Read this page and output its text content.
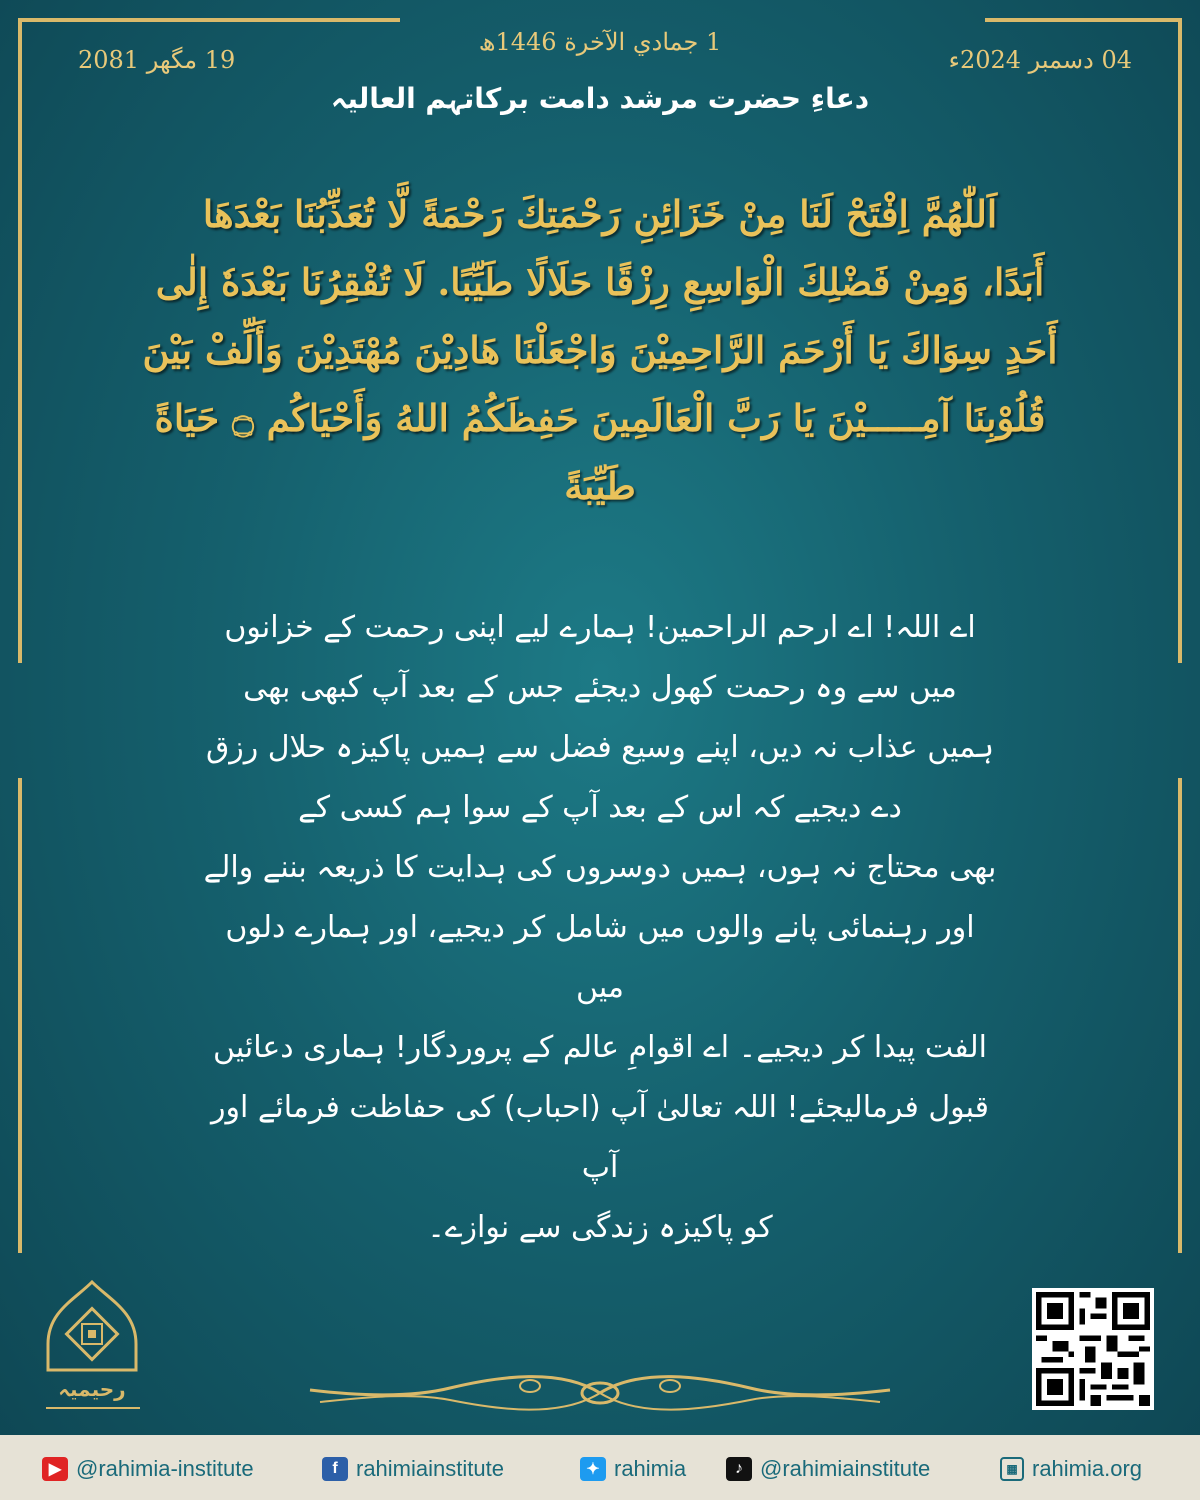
19 مگھر 2081
1 جمادي الآخرة 1446ھ
04 دسمبر 2024ء
دعاءِ حضرت مرشد دامت برکاتہم العالیہ
اَللّٰهُمَّ اِفْتَحْ لَنَا مِنْ خَزَائِنِ رَحْمَتِكَ رَحْمَةً لَّا تُعَذِّبُنَا بَعْدَهَا
أَبَدًا، وَمِنْ فَضْلِكَ الْوَاسِعِ رِزْقًا حَلَالًا طَيِّبًا. لَا تُفْقِرُنَا بَعْدَهٗ إِلٰى
أَحَدٍ سِوَاكَ يَا أَرْحَمَ الرَّاحِمِيْنَ وَاجْعَلْنَا هَادِيْنَ مُهْتَدِيْنَ وَأَلِّفْ بَيْنَ
قُلُوْبِنَا آمِـــــيْنَ يَا رَبَّ الْعَالَمِينَ حَفِظَكُمُ اللهُ وَأَحْيَاكُم ۝ حَيَاةً
طَيِّبَةً
اے اللہ! اے ارحم الراحمین! ہمارے لیے اپنی رحمت کے خزانوں
میں سے وہ رحمت کھول دیجئے جس کے بعد آپ کبھی بھی
ہمیں عذاب نہ دیں، اپنے وسیع فضل سے ہمیں پاکیزہ حلال رزق
دے دیجیے کہ اس کے بعد آپ کے سوا ہم کسی کے
بھی محتاج نہ ہوں، ہمیں دوسروں کی ہدایت کا ذریعہ بننے والے
اور رہنمائی پانے والوں میں شامل کر دیجیے، اور ہمارے دلوں میں
الفت پیدا کر دیجیے۔ اے اقوامِ عالم کے پروردگار! ہماری دعائیں
قبول فرمالیجئے! اللہ تعالیٰ آپ (احباب) کی حفاظت فرمائے اور آپ
کو پاکیزہ زندگی سے نوازے۔
رحیمیہ
▶ @rahimia-institute	f rahimiainstitute	✦ rahimia	♪ @rahimiainstitute	▦ rahimia.org
